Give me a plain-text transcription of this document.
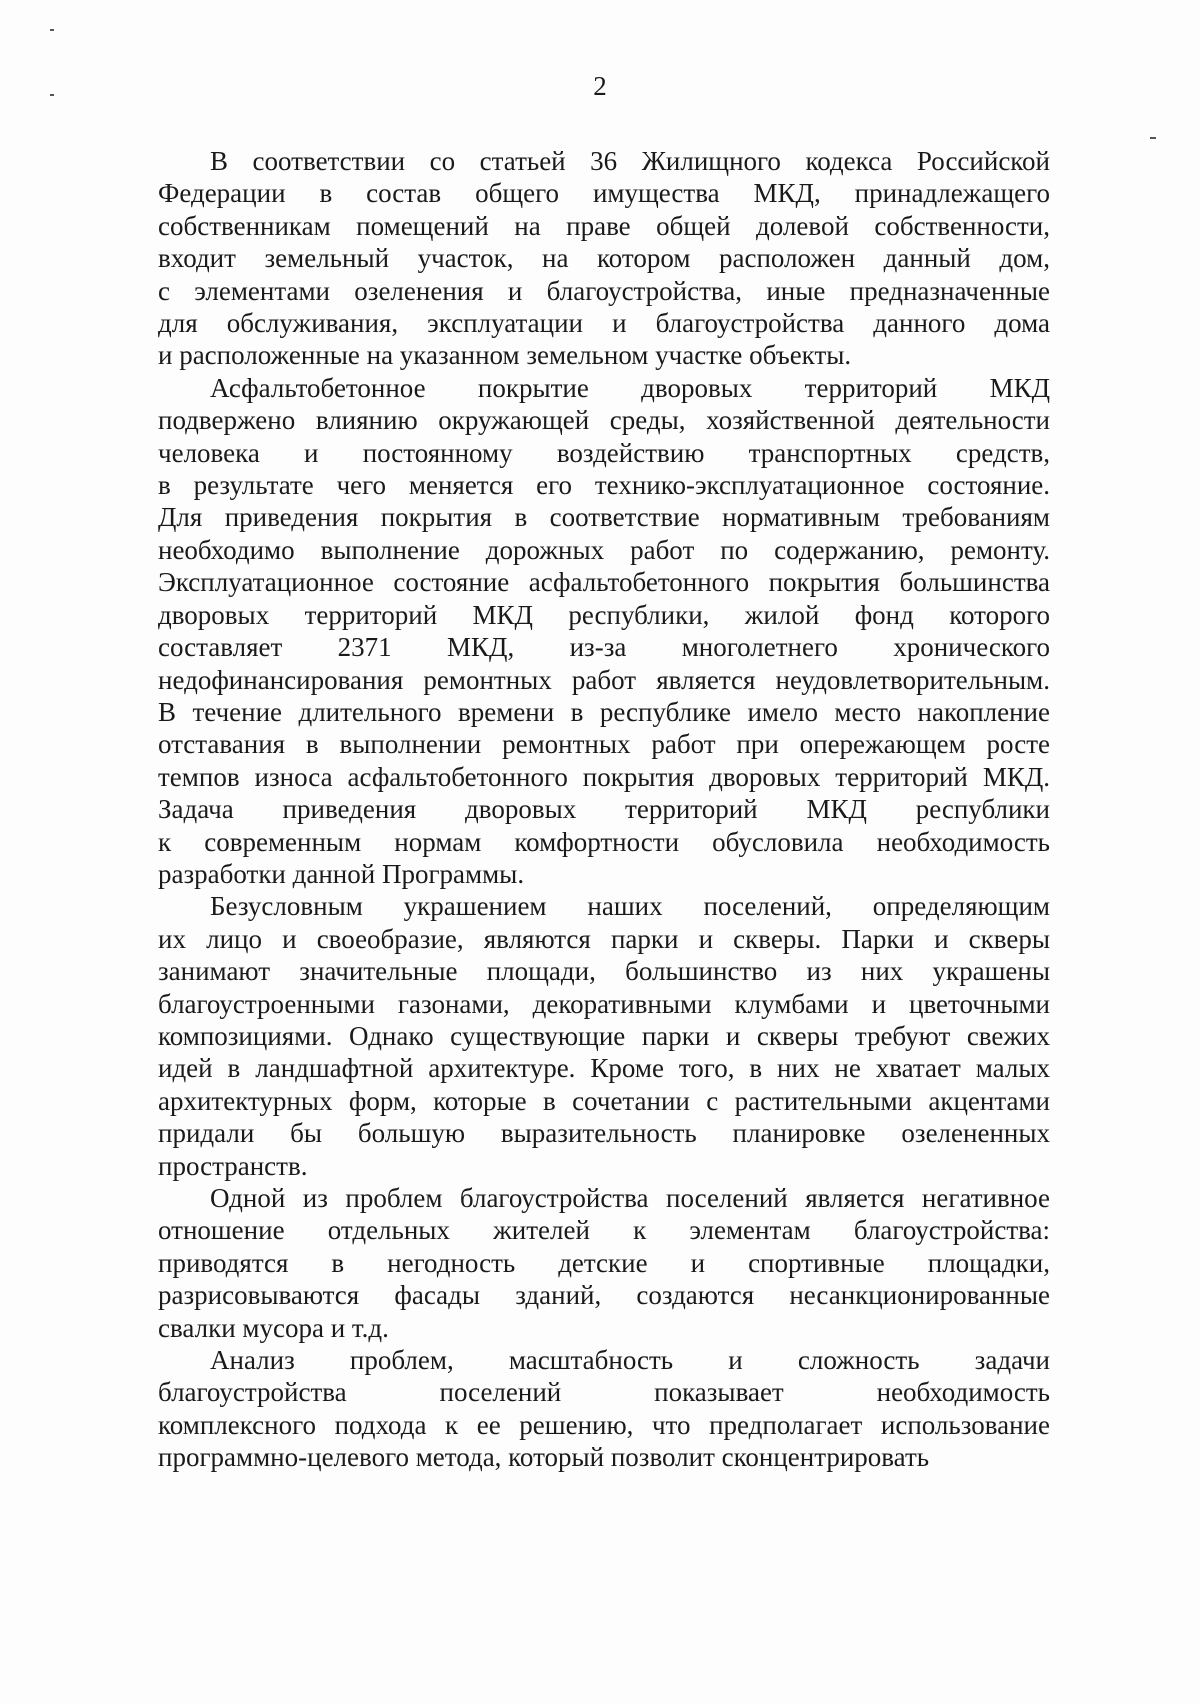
2
В соответствии со статьей 36 Жилищного кодекса Российской
Федерации в состав общего имущества МКД, принадлежащего
собственникам помещений на праве общей долевой собственности,
входит земельный участок, на котором расположен данный дом,
с элементами озеленения и благоустройства, иные предназначенные
для обслуживания, эксплуатации и благоустройства данного дома
и расположенные на указанном земельном участке объекты.
Асфальтобетонное покрытие дворовых территорий МКД
подвержено влиянию окружающей среды, хозяйственной деятельности
человека и постоянному воздействию транспортных средств,
в результате чего меняется его технико-эксплуатационное состояние.
Для приведения покрытия в соответствие нормативным требованиям
необходимо выполнение дорожных работ по содержанию, ремонту.
Эксплуатационное состояние асфальтобетонного покрытия большинства
дворовых территорий МКД республики, жилой фонд которого
составляет 2371 МКД, из-за многолетнего хронического
недофинансирования ремонтных работ является неудовлетворительным.
В течение длительного времени в республике имело место накопление
отставания в выполнении ремонтных работ при опережающем росте
темпов износа асфальтобетонного покрытия дворовых территорий МКД.
Задача приведения дворовых территорий МКД республики
к современным нормам комфортности обусловила необходимость
разработки данной Программы.
Безусловным украшением наших поселений, определяющим
их лицо и своеобразие, являются парки и скверы. Парки и скверы
занимают значительные площади, большинство из них украшены
благоустроенными газонами, декоративными клумбами и цветочными
композициями. Однако существующие парки и скверы требуют свежих
идей в ландшафтной архитектуре. Кроме того, в них не хватает малых
архитектурных форм, которые в сочетании с растительными акцентами
придали бы большую выразительность планировке озелененных
пространств.
Одной из проблем благоустройства поселений является негативное
отношение отдельных жителей к элементам благоустройства:
приводятся в негодность детские и спортивные площадки,
разрисовываются фасады зданий, создаются несанкционированные
свалки мусора и т.д.
Анализ проблем, масштабность и сложность задачи
благоустройства поселений показывает необходимость
комплексного подхода к ее решению, что предполагает использование
программно-целевого метода, который позволит сконцентрировать
